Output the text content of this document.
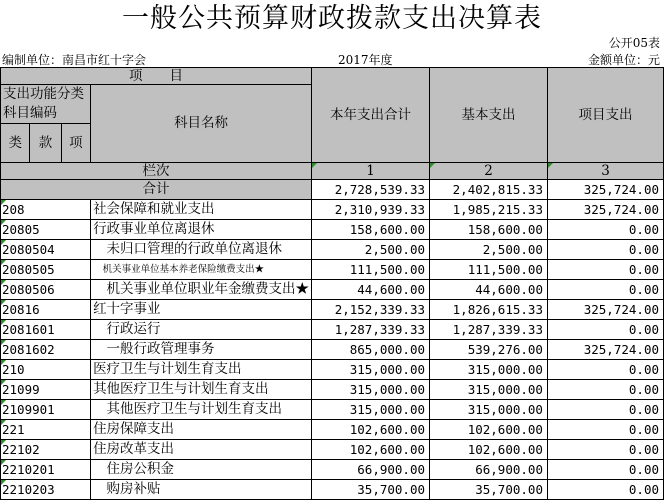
一般公共预算财政拨款支出决算表
公开05表
编制单位：南昌市红十字会	2017年度	金额单位：元
项　　目				本年支出合计	基本支出	项目支出
支出功能分类科目编码			科目名称			

类	款	项				
栏次				1	2	3
合计				2,728,539.33	2,402,815.33	325,724.00
208			社会保障和就业支出	2,310,939.33	1,985,215.33	325,724.00
20805			行政事业单位离退休	158,600.00	158,600.00	0.00
2080504			　未归口管理的行政单位离退休	2,500.00	2,500.00	0.00
2080505			　机关事业单位基本养老保险缴费支出★	111,500.00	111,500.00	0.00
2080506			　机关事业单位职业年金缴费支出★	44,600.00	44,600.00	0.00
20816			红十字事业	2,152,339.33	1,826,615.33	325,724.00
2081601			　行政运行	1,287,339.33	1,287,339.33	0.00
2081602			　一般行政管理事务	865,000.00	539,276.00	325,724.00
210			医疗卫生与计划生育支出	315,000.00	315,000.00	0.00
21099			其他医疗卫生与计划生育支出	315,000.00	315,000.00	0.00
2109901			　其他医疗卫生与计划生育支出	315,000.00	315,000.00	0.00
221			住房保障支出	102,600.00	102,600.00	0.00
22102			住房改革支出	102,600.00	102,600.00	0.00
2210201			　住房公积金	66,900.00	66,900.00	0.00
2210203			　购房补贴	35,700.00	35,700.00	0.00
